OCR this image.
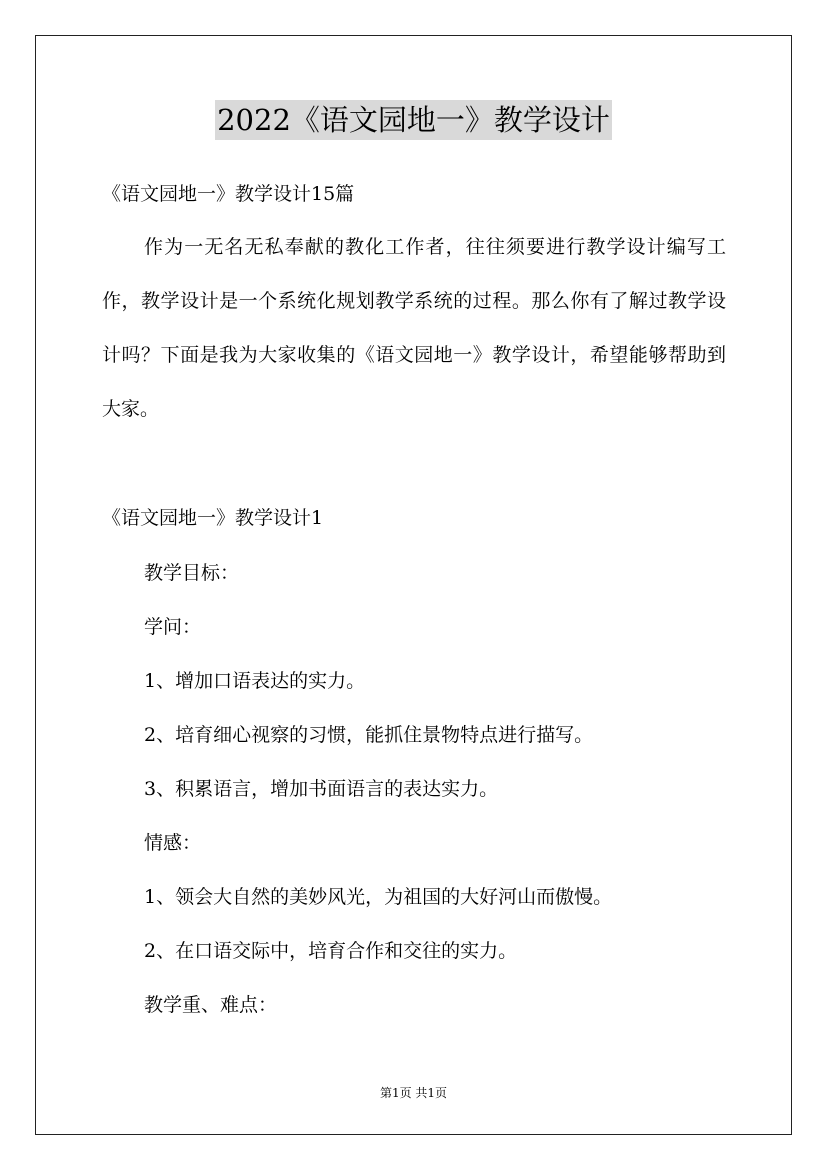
2022《语文园地一》教学设计
《语文园地一》教学设计15篇
作为一无名无私奉献的教化工作者，往往须要进行教学设计编写工作，教学设计是一个系统化规划教学系统的过程。那么你有了解过教学设计吗？下面是我为大家收集的《语文园地一》教学设计，希望能够帮助到大家。
《语文园地一》教学设计1
教学目标：
学问：
1、增加口语表达的实力。
2、培育细心视察的习惯，能抓住景物特点进行描写。
3、积累语言，增加书面语言的表达实力。
情感：
1、领会大自然的美妙风光，为祖国的大好河山而傲慢。
2、在口语交际中，培育合作和交往的实力。
教学重、难点：
第1页 共1页
